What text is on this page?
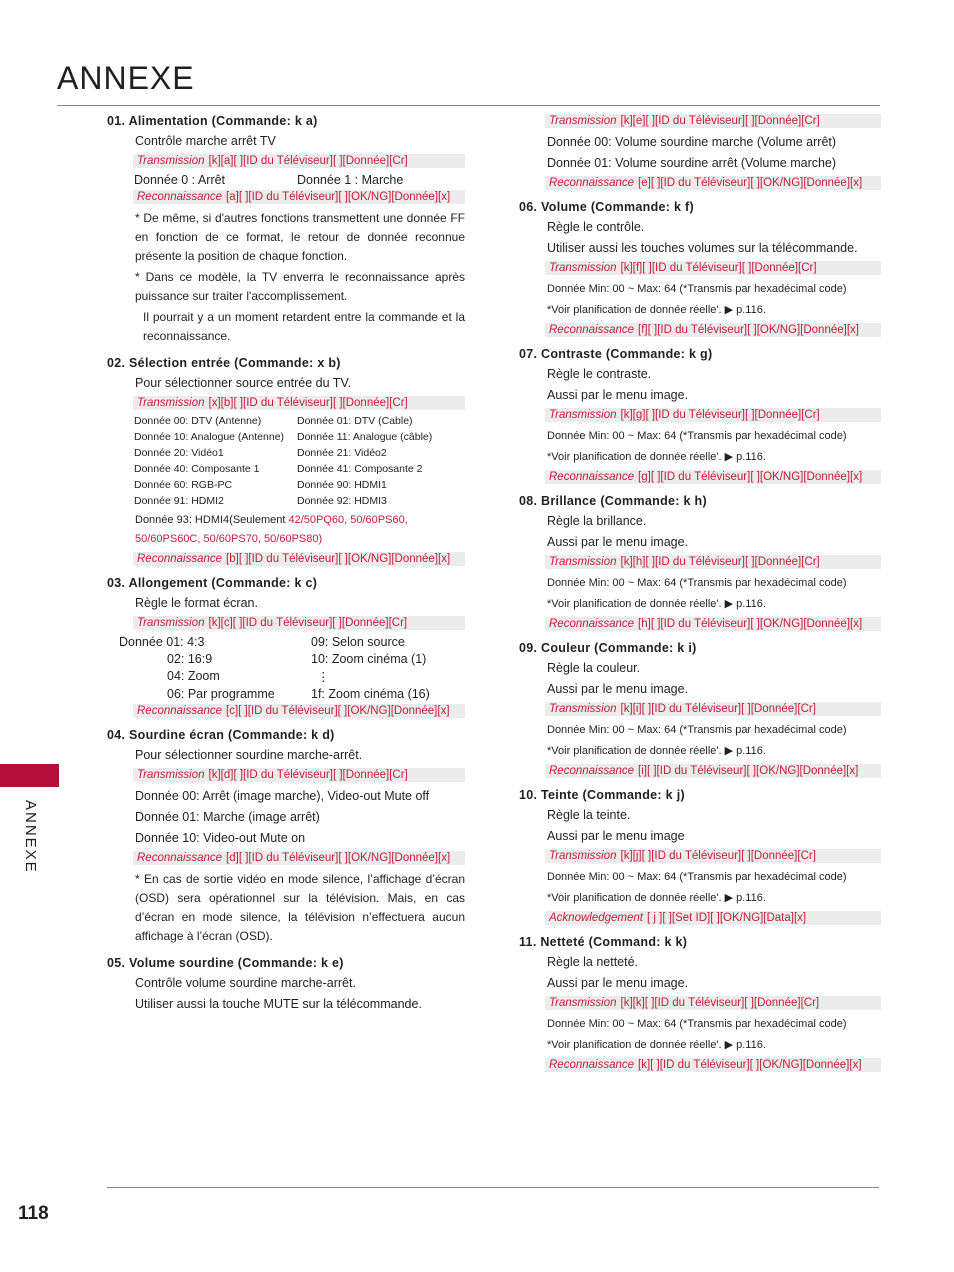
ANNEXE
ANNEXE
118
01. Alimentation (Commande: k a)
Contrôle marche arrêt TV
Transmission [k][a][ ][ID du Téléviseur][ ][Donnée][Cr]
Donnée 0 : Arrêt	Donnée 1 : Marche
Reconnaissance [a][ ][ID du Téléviseur][ ][OK/NG][Donnée][x]
* De même, si d'autres fonctions transmettent une donnée FF en fonction de ce format, le retour de donnée reconnue présente la position de chaque fonction.
* Dans ce modèle, la TV enverra le reconnaissance après puissance sur traiter l'accomplissement.
Il pourrait y a un moment retardent entre la commande et la reconnaissance.
02. Sélection entrée (Commande: x b)
Pour sélectionner source entrée du TV.
Transmission [x][b][ ][ID du Téléviseur][ ][Donnée][Cr]
Donnée 00: DTV (Antenne)	Donnée 01: DTV (Cable)
Donnée 10: Analogue (Antenne)	Donnée 11: Analogue (câble)
Donnée 20: Vidéo1	Donnée 21: Vidéo2
Donnée 40: Composante 1	Donnée 41: Composante 2
Donnée 60: RGB-PC	Donnée 90: HDMI1
Donnée 91: HDMI2	Donnée 92: HDMI3
Donnée 93: HDMI4(Seulement 42/50PQ60, 50/60PS60, 50/60PS60C, 50/60PS70, 50/60PS80)
Reconnaissance [b][ ][ID du Téléviseur][ ][OK/NG][Donnée][x]
03. Allongement (Commande: k c)
Règle le format écran.
Transmission [k][c][ ][ID du Téléviseur][ ][Donnée][Cr]
Donnée 01: 4:3	09: Selon source
02: 16:9	10: Zoom cinéma (1)
04: Zoom	⋮
06: Par programme	1f: Zoom cinéma (16)
Reconnaissance [c][ ][ID du Téléviseur][ ][OK/NG][Donnée][x]
04. Sourdine écran (Commande: k d)
Pour sélectionner sourdine marche-arrêt.
Transmission [k][d][ ][ID du Téléviseur][ ][Donnée][Cr]
Donnée 00: Arrêt (image marche), Video-out Mute off
Donnée 01: Marche (image arrêt)
Donnée 10: Video-out Mute on
Reconnaissance [d][ ][ID du Téléviseur][ ][OK/NG][Donnée][x]
* En cas de sortie vidéo en mode silence, l’affichage d’écran (OSD) sera opérationnel sur la télévision. Mais, en cas d’écran en mode silence, la télévision n’effectuera aucun affichage à l’écran (OSD).
05. Volume sourdine (Commande: k e)
Contrôle volume sourdine marche-arrêt.
Utiliser aussi la touche MUTE sur la télécommande.
Transmission [k][e][ ][ID du Téléviseur][ ][Donnée][Cr]
Donnée 00: Volume sourdine marche (Volume arrêt)
Donnée 01: Volume sourdine arrêt (Volume marche)
Reconnaissance [e][ ][ID du Téléviseur][ ][OK/NG][Donnée][x]
06. Volume (Commande: k f)
Règle le contrôle.
Utiliser aussi les touches volumes sur la télécommande.
Transmission [k][f][ ][ID du Téléviseur][ ][Donnée][Cr]
Donnée Min: 00 ~ Max: 64 (*Transmis par hexadécimal code)
*Voir planification de donnée réelle'. ▶ p.116.
Reconnaissance [f][ ][ID du Téléviseur][ ][OK/NG][Donnée][x]
07. Contraste (Commande: k g)
Règle le contraste.
Aussi par le menu image.
Transmission [k][g][ ][ID du Téléviseur][ ][Donnée][Cr]
Donnée Min: 00 ~ Max: 64 (*Transmis par hexadécimal code)
*Voir planification de donnée réelle'. ▶ p.116.
Reconnaissance [g][ ][ID du Téléviseur][ ][OK/NG][Donnée][x]
08. Brillance (Commande: k h)
Règle la brillance.
Aussi par le menu image.
Transmission [k][h][ ][ID du Téléviseur][ ][Donnée][Cr]
Donnée Min: 00 ~ Max: 64 (*Transmis par hexadécimal code)
*Voir planification de donnée réelle'. ▶ p.116.
Reconnaissance [h][ ][ID du Téléviseur][ ][OK/NG][Donnée][x]
09. Couleur (Commande: k i)
Règle la couleur.
Aussi par le menu image.
Transmission [k][i][ ][ID du Téléviseur][ ][Donnée][Cr]
Donnée Min: 00 ~ Max: 64 (*Transmis par hexadécimal code)
*Voir planification de donnée réelle'. ▶ p.116.
Reconnaissance [i][ ][ID du Téléviseur][ ][OK/NG][Donnée][x]
10. Teinte (Commande: k j)
Règle la teinte.
Aussi par le menu image
Transmission [k][j][ ][ID du Téléviseur][ ][Donnée][Cr]
Donnée Min: 00 ~ Max: 64 (*Transmis par hexadécimal code)
*Voir planification de donnée réelle'. ▶ p.116.
Acknowledgement [ j ][ ][Set ID][ ][OK/NG][Data][x]
11. Netteté (Command: k k)
Règle la netteté.
Aussi par le menu image.
Transmission [k][k][ ][ID du Téléviseur][ ][Donnée][Cr]
Donnée Min: 00 ~ Max: 64 (*Transmis par hexadécimal code)
*Voir planification de donnée réelle'. ▶ p.116.
Reconnaissance [k][ ][ID du Téléviseur][ ][OK/NG][Donnée][x]
